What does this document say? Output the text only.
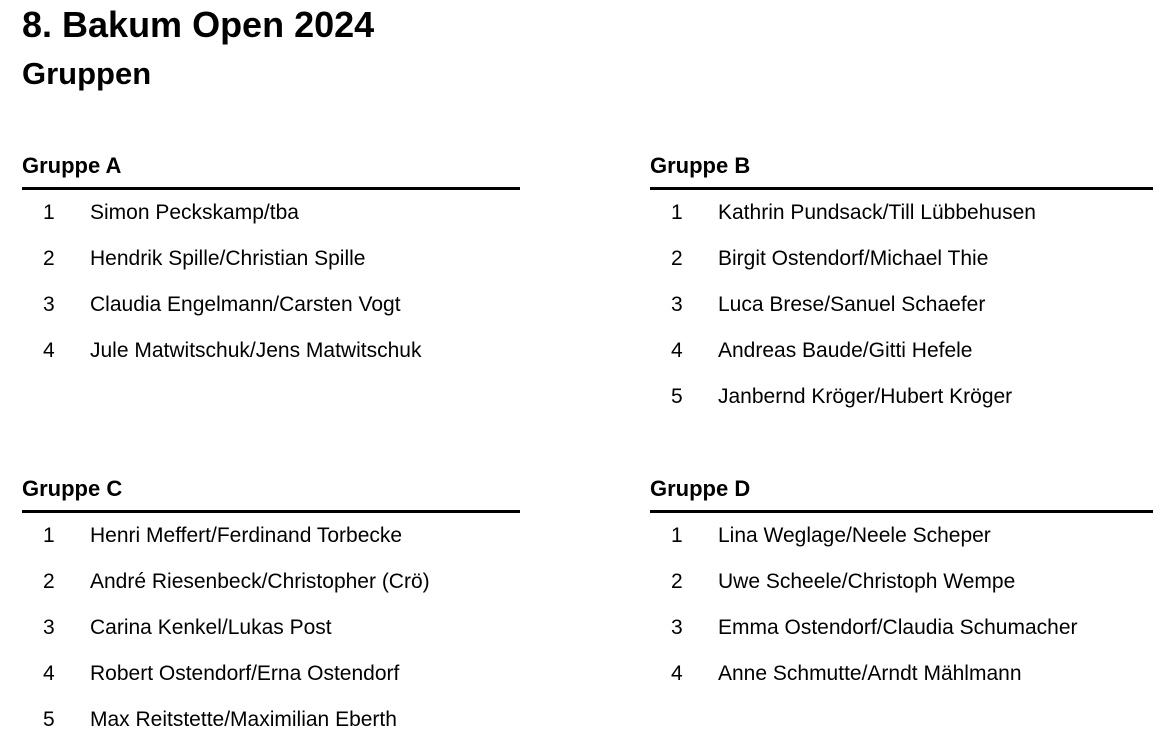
8. Bakum Open 2024
Gruppen
Gruppe A
1	Simon Peckskamp/tba
2	Hendrik Spille/Christian Spille
3	Claudia Engelmann/Carsten Vogt
4	Jule Matwitschuk/Jens Matwitschuk
Gruppe B
1	Kathrin Pundsack/Till Lübbehusen
2	Birgit Ostendorf/Michael Thie
3	Luca Brese/Sanuel Schaefer
4	Andreas Baude/Gitti Hefele
5	Janbernd Kröger/Hubert Kröger
Gruppe C
1	Henri Meffert/Ferdinand Torbecke
2	André Riesenbeck/Christopher (Crö)
3	Carina Kenkel/Lukas Post
4	Robert Ostendorf/Erna Ostendorf
5	Max Reitstette/Maximilian Eberth
Gruppe D
1	Lina Weglage/Neele Scheper
2	Uwe Scheele/Christoph Wempe
3	Emma Ostendorf/Claudia Schumacher
4	Anne Schmutte/Arndt Mählmann
